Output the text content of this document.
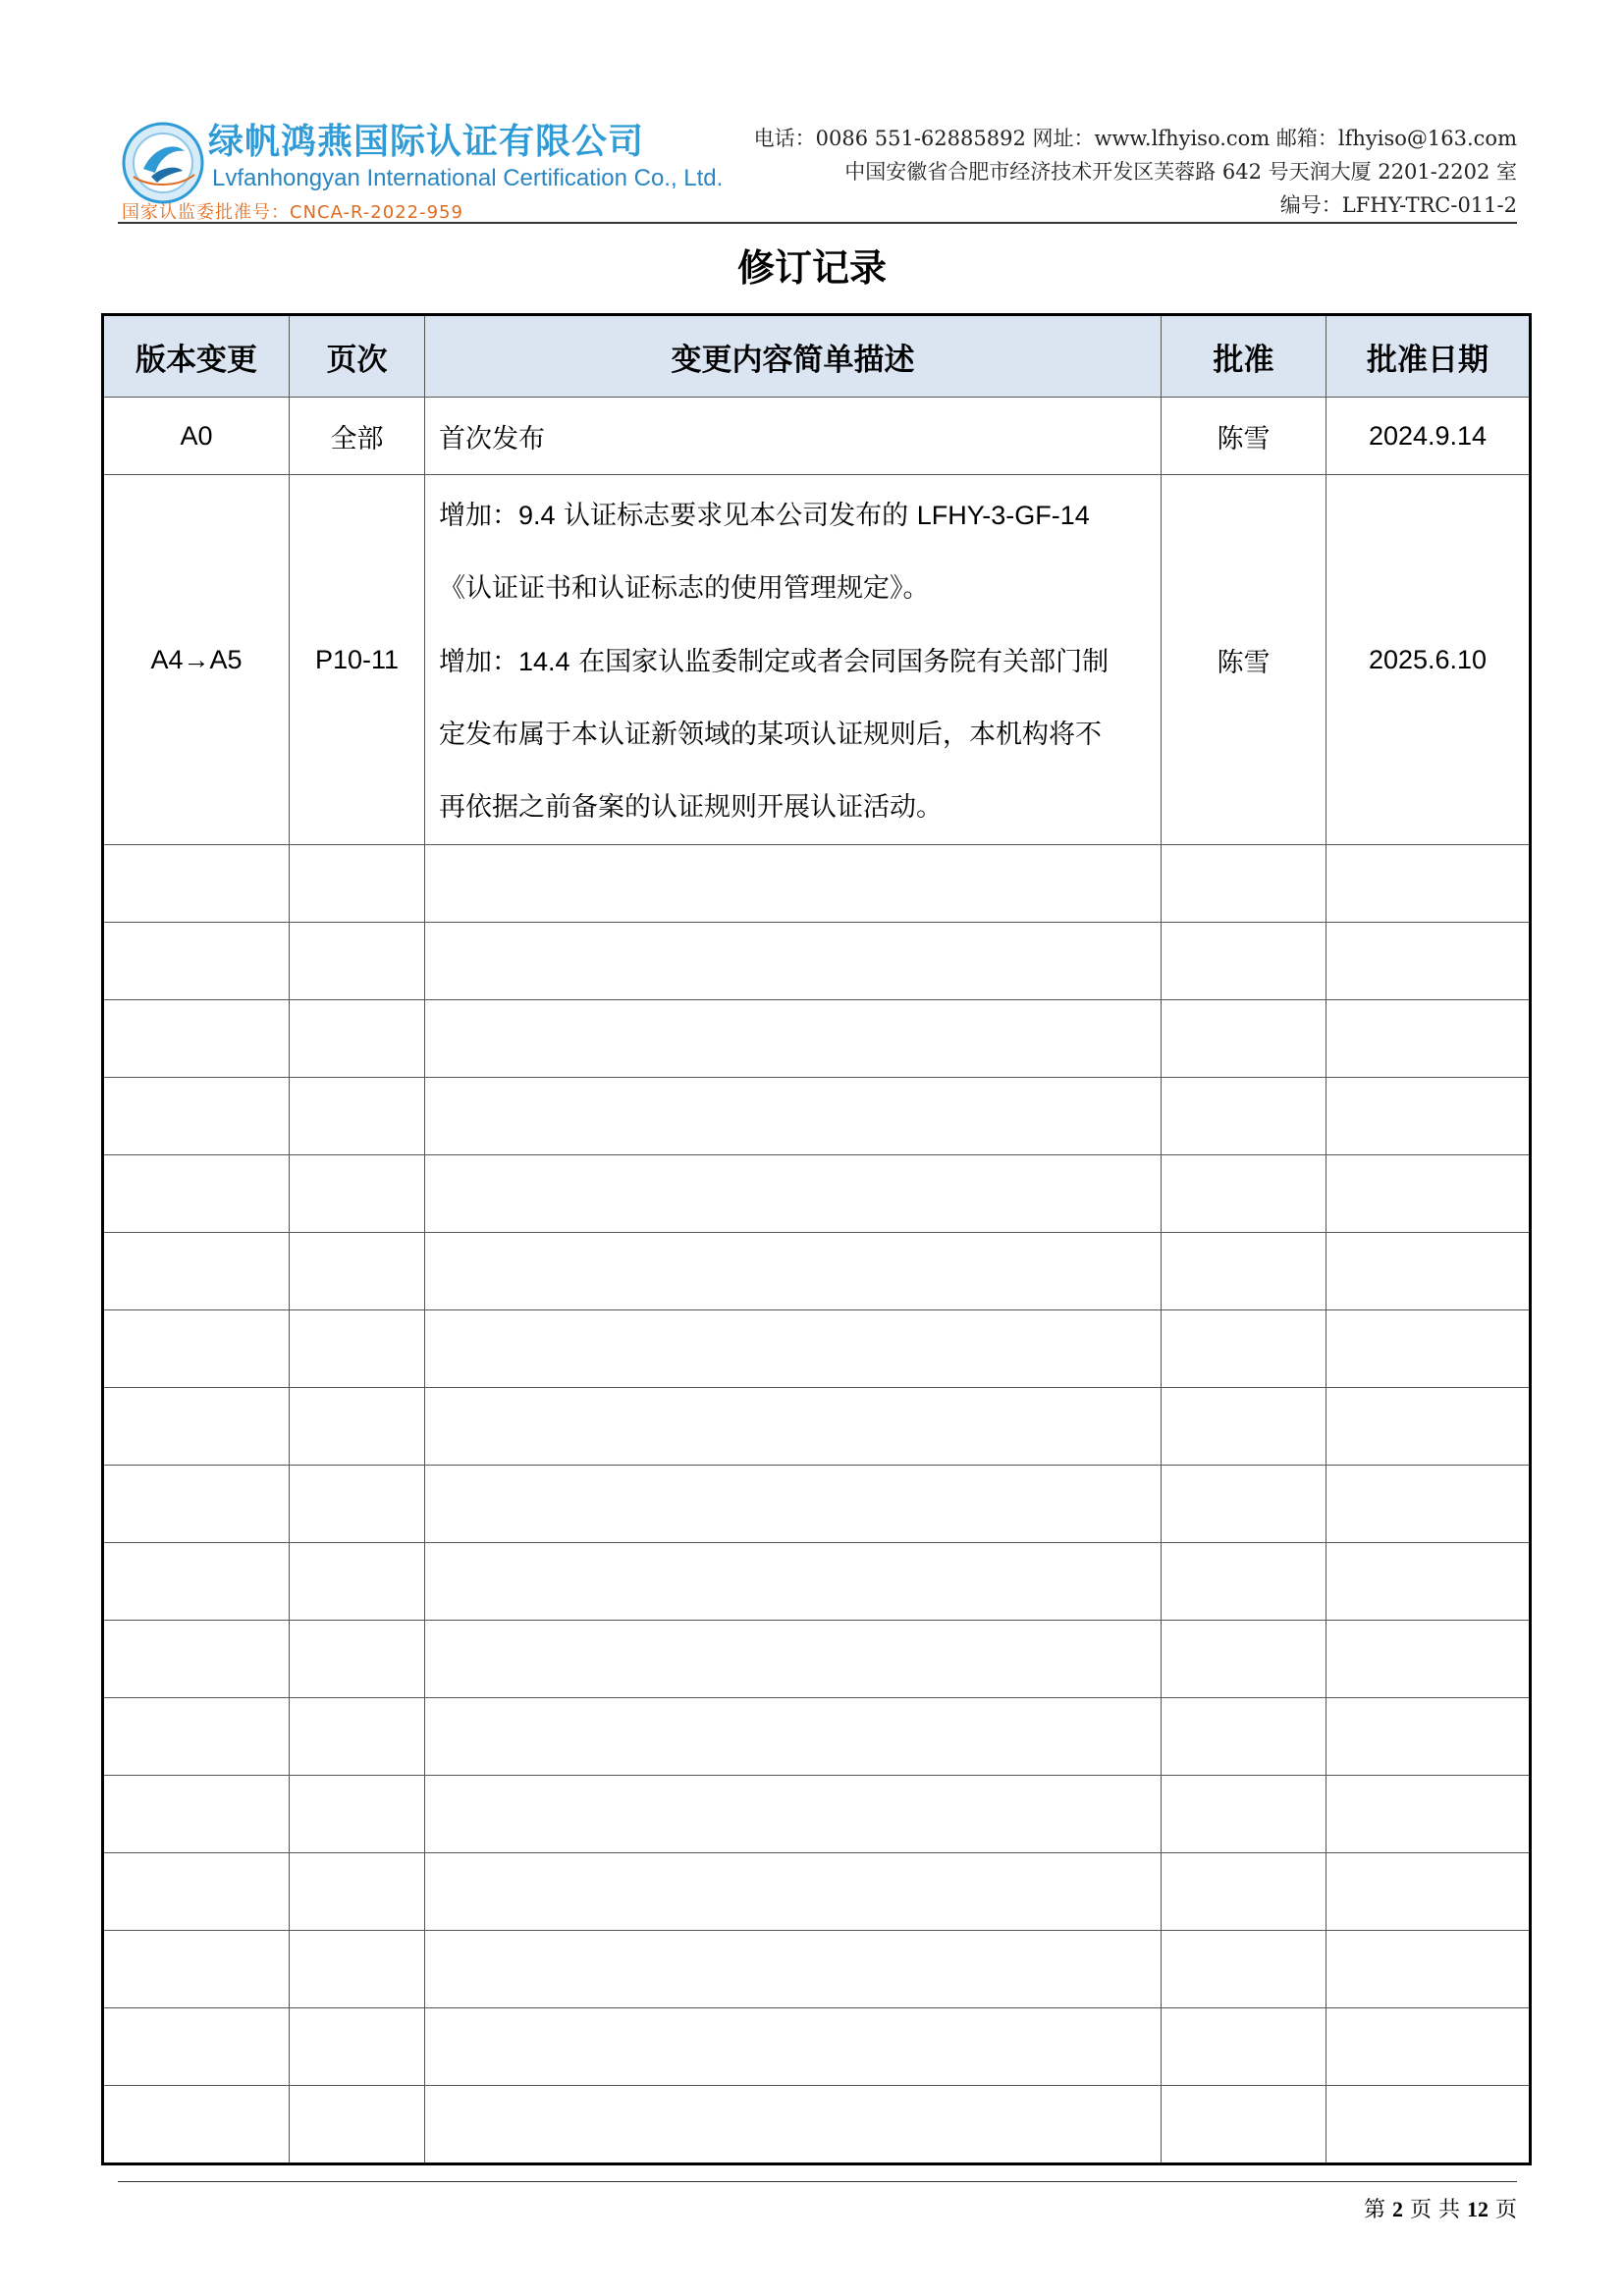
绿帆鸿燕国际认证有限公司
Lvfanhongyan International Certification Co., Ltd.
国家认监委批准号：CNCA-R-2022-959
电话：0086 551-62885892 网址：www.lfhyiso.com 邮箱：lfhyiso@163.com
中国安徽省合肥市经济技术开发区芙蓉路 642 号天润大厦 2201-2202 室
编号：LFHY-TRC-011-2
修订记录
版本变更	页次	变更内容简单描述	批准	批准日期
A0	全部	首次发布	陈雪	2024.9.14
A4→A5	P10-11	增加：9.4 认证标志要求见本公司发布的 LFHY-3-GF-14
《认证证书和认证标志的使用管理规定》。
增加：14.4 在国家认监委制定或者会同国务院有关部门制
定发布属于本认证新领域的某项认证规则后，本机构将不
再依据之前备案的认证规则开展认证活动。	陈雪	2025.6.10

第 2 页 共 12 页
